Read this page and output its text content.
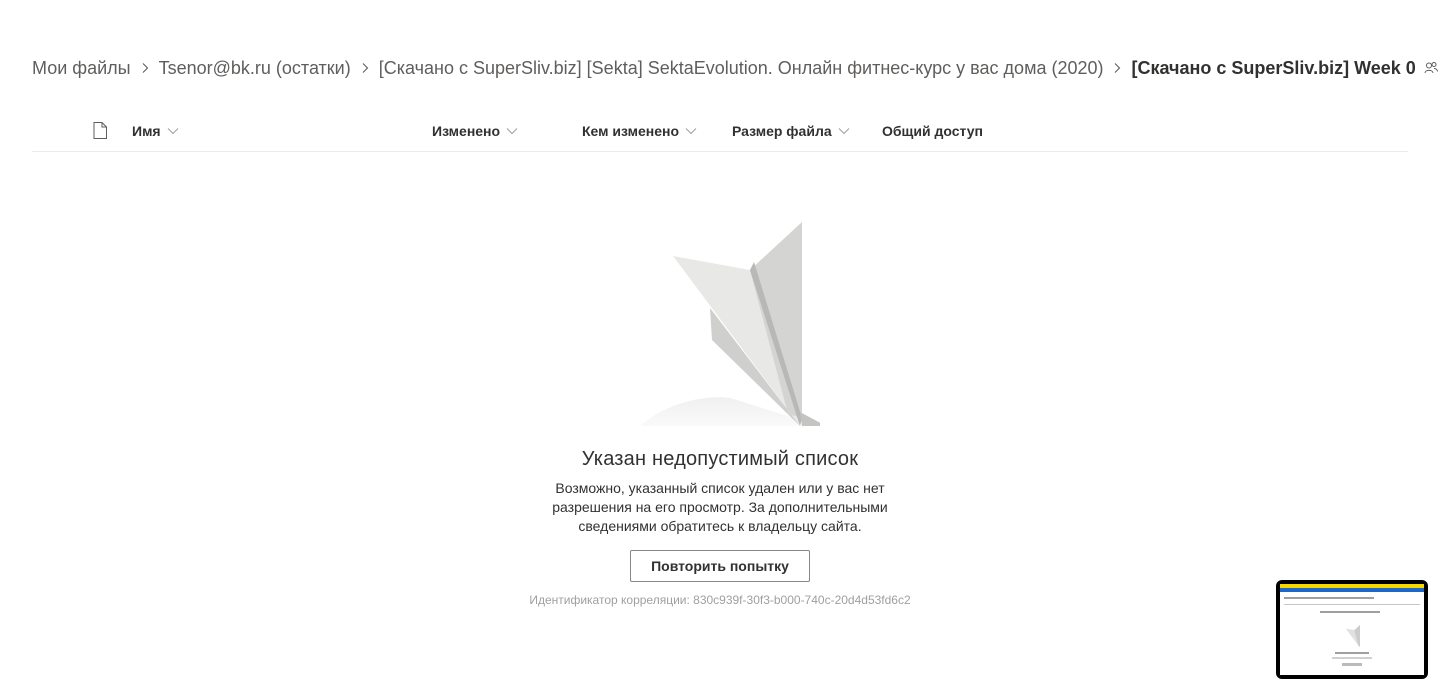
Мои файлы Tsenor@bk.ru (остатки) [Скачано с SuperSliv.biz] [Sekta] SektaEvolution. Онлайн фитнес-курс у вас дома (2020) [Скачано с SuperSliv.biz] Week 0
Имя	Изменено	Кем изменено	Размер файла	Общий доступ
Указан недопустимый список
Возможно, указанный список удален или у вас нет разрешения на его просмотр. За дополнительными сведениями обратитесь к владельцу сайта.
Повторить попытку
Идентификатор корреляции: 830c939f-30f3-b000-740c-20d4d53fd6c2
